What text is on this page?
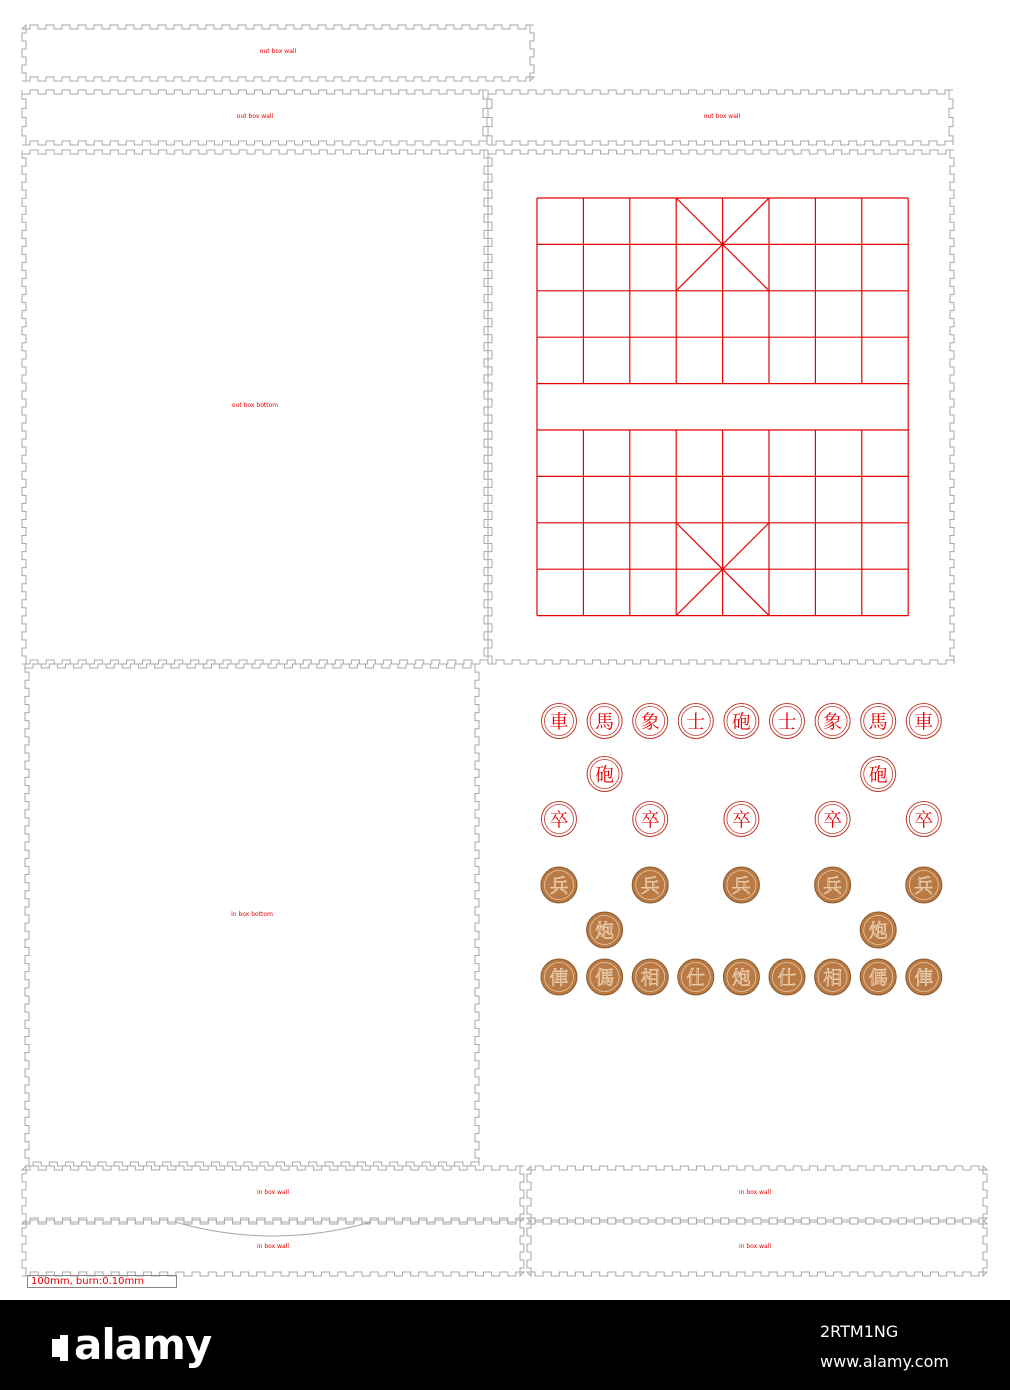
out box wall
out box wall	out box wall
out box bottom
in box bottom
in box wall	in box wall
in box wall	in box wall
車 馬 象 士 砲 士 象 馬 車
砲	砲
卒	卒	卒	卒	卒
兵	兵	兵	兵	兵
炮	炮
俥 傌 相 仕 炮 仕 相 傌 俥
100mm, burn:0.10mm
alamy	2RTM1NG
www.alamy.com
